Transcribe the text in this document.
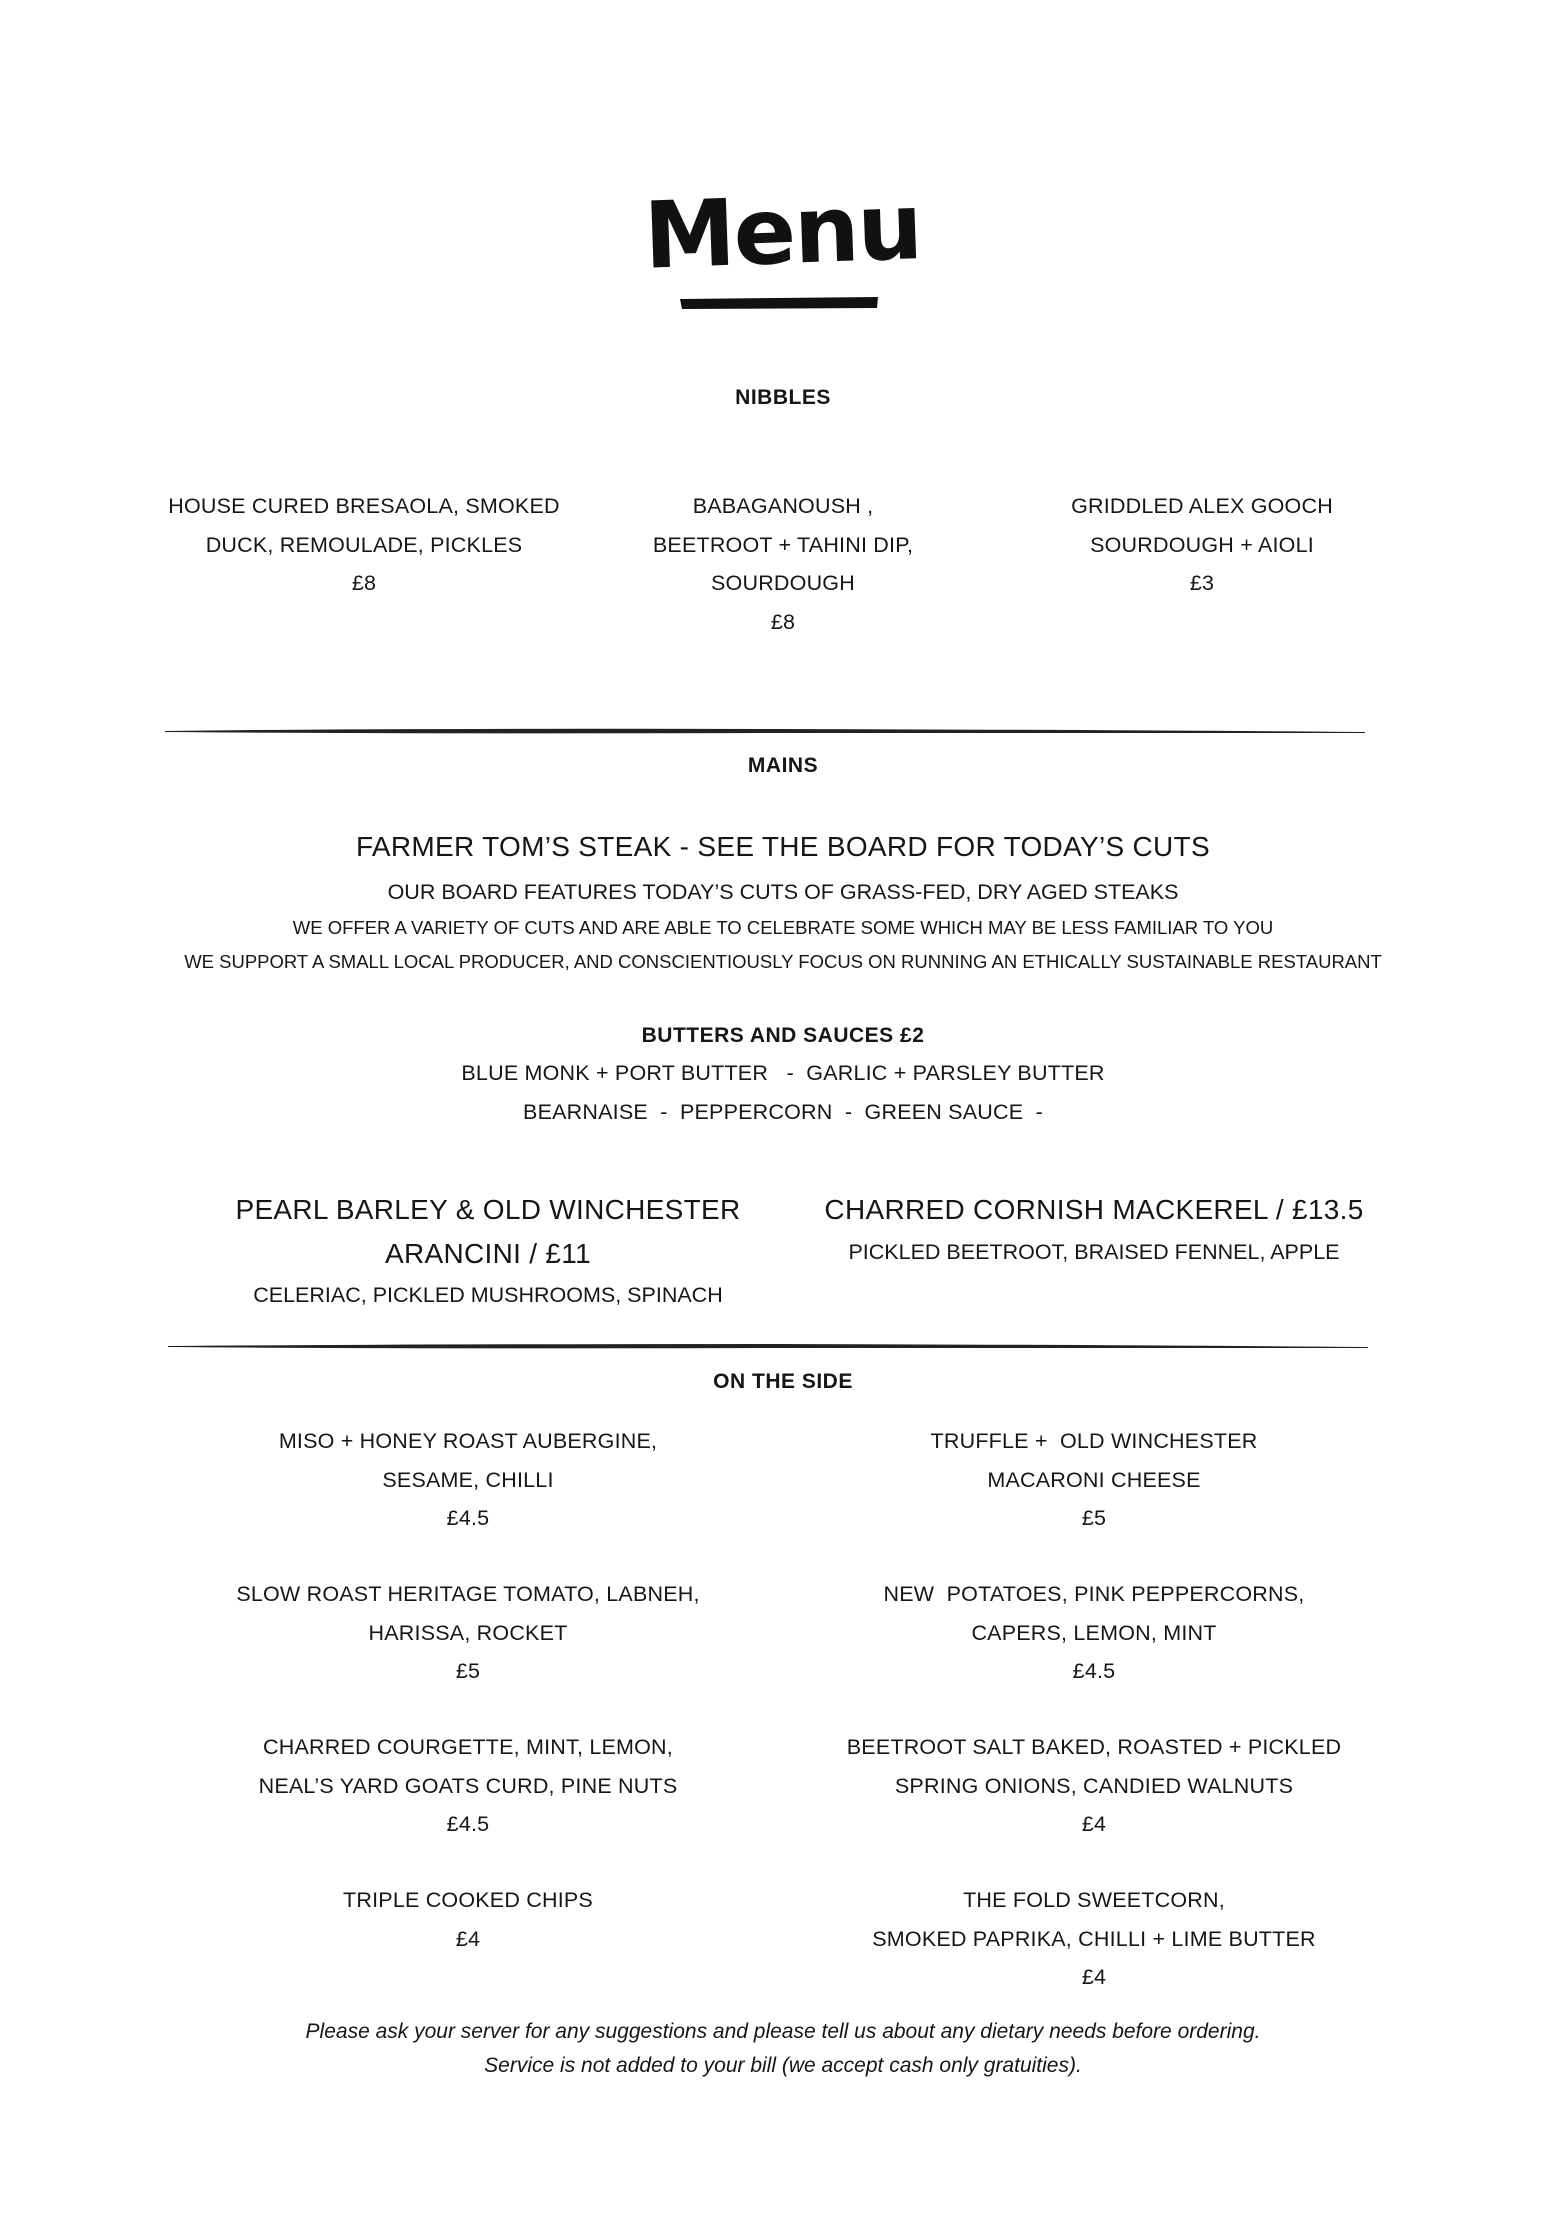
Menu
NIBBLES
HOUSE CURED BRESAOLA, SMOKED
DUCK, REMOULADE, PICKLES
£8
BABAGANOUSH ,
BEETROOT + TAHINI DIP,
SOURDOUGH
£8
GRIDDLED ALEX GOOCH
SOURDOUGH + AIOLI
£3
MAINS
FARMER TOM’S STEAK - SEE THE BOARD FOR TODAY’S CUTS
OUR BOARD FEATURES TODAY’S CUTS OF GRASS-FED, DRY AGED STEAKS
WE OFFER A VARIETY OF CUTS AND ARE ABLE TO CELEBRATE SOME WHICH MAY BE LESS FAMILIAR TO YOU
WE SUPPORT A SMALL LOCAL PRODUCER, AND CONSCIENTIOUSLY FOCUS ON RUNNING AN ETHICALLY SUSTAINABLE RESTAURANT
BUTTERS AND SAUCES £2
BLUE MONK + PORT BUTTER   -  GARLIC + PARSLEY BUTTER
BEARNAISE  -  PEPPERCORN  -  GREEN SAUCE  -
PEARL BARLEY & OLD WINCHESTER
ARANCINI / £11
CELERIAC, PICKLED MUSHROOMS, SPINACH
CHARRED CORNISH MACKEREL / £13.5
PICKLED BEETROOT, BRAISED FENNEL, APPLE
ON THE SIDE
MISO + HONEY ROAST AUBERGINE,
SESAME, CHILLI
£4.5
SLOW ROAST HERITAGE TOMATO, LABNEH,
HARISSA, ROCKET
£5
CHARRED COURGETTE, MINT, LEMON,
NEAL’S YARD GOATS CURD, PINE NUTS
£4.5
TRIPLE COOKED CHIPS
£4
TRUFFLE +  OLD WINCHESTER
MACARONI CHEESE
£5
NEW  POTATOES, PINK PEPPERCORNS,
CAPERS, LEMON, MINT
£4.5
BEETROOT SALT BAKED, ROASTED + PICKLED
SPRING ONIONS, CANDIED WALNUTS
£4
THE FOLD SWEETCORN,
SMOKED PAPRIKA, CHILLI + LIME BUTTER
£4
Please ask your server for any suggestions and please tell us about any dietary needs before ordering.
Service is not added to your bill (we accept cash only gratuities).
